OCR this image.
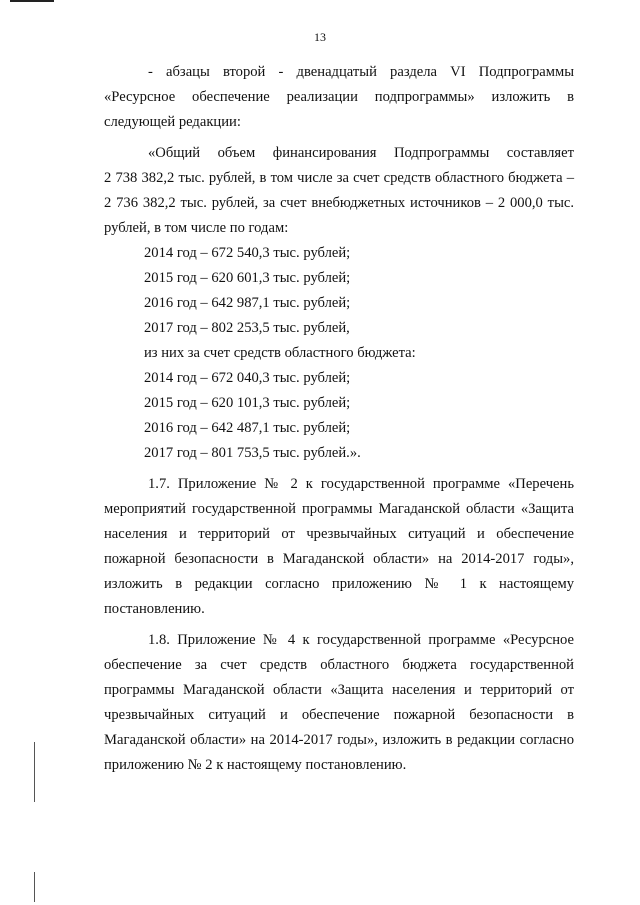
13
- абзацы второй - двенадцатый раздела VI Подпрограммы
«Ресурсное обеспечение реализации подпрограммы» изложить в
следующей редакции:
«Общий объем финансирования Подпрограммы составляет
2 738 382,2 тыс. рублей, в том числе за счет средств областного бюджета –
2 736 382,2 тыс. рублей, за счет внебюджетных источников – 2 000,0 тыс.
рублей, в том числе по годам:
2014 год – 672 540,3 тыс. рублей;
2015 год – 620 601,3 тыс. рублей;
2016 год – 642 987,1 тыс. рублей;
2017 год – 802 253,5 тыс. рублей,
из них за счет средств областного бюджета:
2014 год – 672 040,3 тыс. рублей;
2015 год – 620 101,3 тыс. рублей;
2016 год – 642 487,1 тыс. рублей;
2017 год – 801 753,5 тыс. рублей.».
1.7. Приложение № 2 к государственной программе «Перечень
мероприятий государственной программы Магаданской области «Защита
населения и территорий от чрезвычайных ситуаций и обеспечение
пожарной безопасности в Магаданской области» на 2014-2017 годы»,
изложить в редакции согласно приложению № 1 к настоящему
постановлению.
1.8. Приложение № 4 к государственной программе «Ресурсное
обеспечение за счет средств областного бюджета государственной
программы Магаданской области «Защита населения и территорий от
чрезвычайных ситуаций и обеспечение пожарной безопасности в
Магаданской области» на 2014-2017 годы», изложить в редакции согласно
приложению № 2 к настоящему постановлению.
